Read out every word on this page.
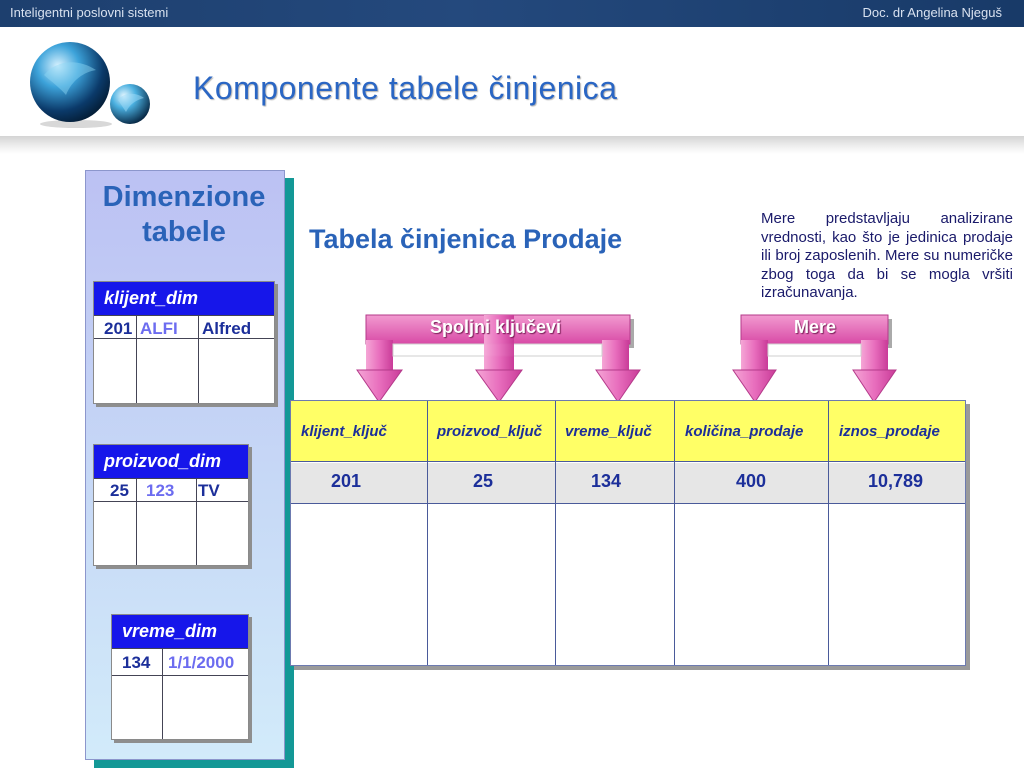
Inteligentni poslovni sistemi	Doc. dr Angelina Njeguš
Komponente tabele činjenica
Dimenzione
tabele
klijent_dim
201 ALFI Alfred
proizvod_dim
25 123 TV
vreme_dim
134 1/1/2000
Tabela činjenica Prodaje
Mere predstavljaju analizirane vrednosti, kao što je jedinica prodaje ili broj zaposlenih. Mere su numeričke zbog toga da bi se mogla vršiti izračunavanja.
Spoljni ključevi	Mere
klijent_ključ	proizvod_ključ vreme_ključ količina_prodaje iznos_prodaje
201	25	134	400	10,789
